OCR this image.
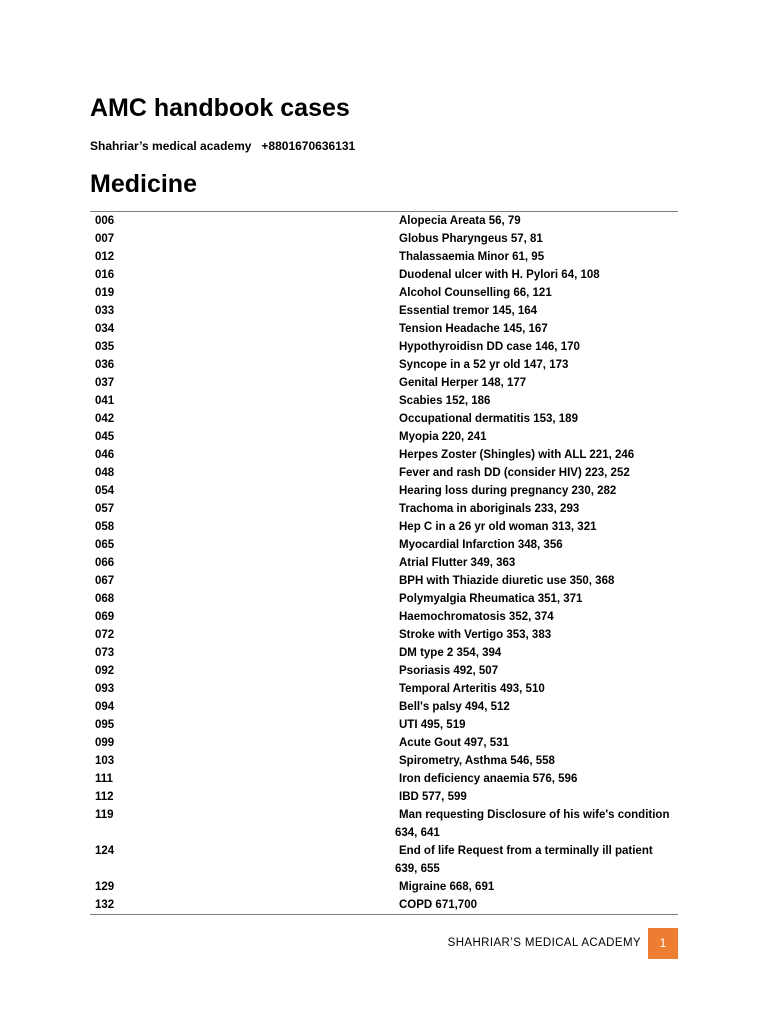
AMC handbook cases
Shahriar’s medical academy   +8801670636131
Medicine
006	Alopecia Areata 56, 79
007	Globus Pharyngeus 57, 81
012	Thalassaemia Minor 61, 95
016	Duodenal ulcer with H. Pylori 64, 108
019	Alcohol Counselling 66, 121
033	Essential tremor 145, 164
034	Tension Headache 145, 167
035	Hypothyroidisn DD case 146, 170
036	Syncope in a 52 yr old 147, 173
037	Genital Herper 148, 177
041	Scabies 152, 186
042	Occupational dermatitis 153, 189
045	Myopia 220, 241
046	Herpes Zoster (Shingles) with ALL 221, 246
048	Fever and rash DD (consider HIV) 223, 252
054	Hearing loss during pregnancy 230, 282
057	Trachoma in aboriginals 233, 293
058	Hep C in a 26 yr old woman 313, 321
065	Myocardial Infarction 348, 356
066	Atrial Flutter 349, 363
067	BPH with Thiazide diuretic use 350, 368
068	Polymyalgia Rheumatica 351, 371
069	Haemochromatosis 352, 374
072	Stroke with Vertigo 353, 383
073	DM type 2 354, 394
092	Psoriasis 492, 507
093	Temporal Arteritis 493, 510
094	Bell's palsy 494, 512
095	UTI 495, 519
099	Acute Gout 497, 531
103	Spirometry, Asthma 546, 558
111	Iron deficiency anaemia 576, 596
112	IBD 577, 599
119	Man requesting Disclosure of his wife's condition
634, 641

124	End of life Request from a terminally ill patient
639, 655

129	Migraine 668, 691
132	COPD 671,700
SHAHRIAR’S MEDICAL ACADEMY	1
